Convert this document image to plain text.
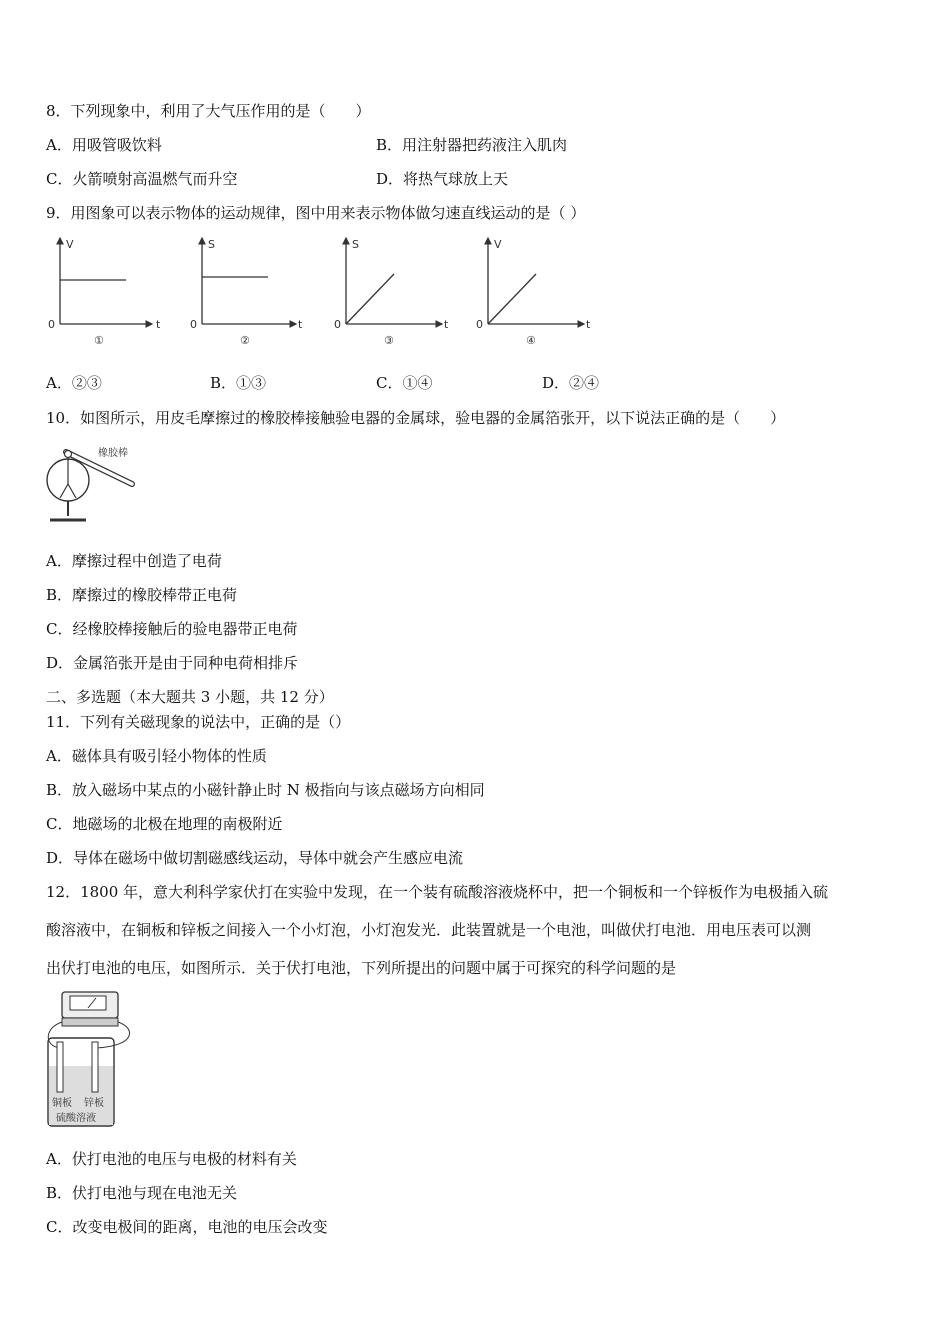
8．下列现象中，利用了大气压作用的是（　　）
A．用吸管吸饮料	B．用注射器把药液注入肌肉
C．火箭喷射高温燃气而升空	D．将热气球放上天
9．用图象可以表示物体的运动规律，图中用来表示物体做匀速直线运动的是（ ）
V
t
0
①
S
t
0
②
S
t
0
③
V
t
0
④
A．②③	B．①③	C．①④	D．②④
10．如图所示，用皮毛摩擦过的橡胶棒接触验电器的金属球，验电器的金属箔张开，以下说法正确的是（　　）
橡胶棒
A．摩擦过程中创造了电荷
B．摩擦过的橡胶棒带正电荷
C．经橡胶棒接触后的验电器带正电荷
D．金属箔张开是由于同种电荷相排斥
二、多选题（本大题共 3 小题，共 12 分）
11．下列有关磁现象的说法中，正确的是（）
A．磁体具有吸引轻小物体的性质
B．放入磁场中某点的小磁针静止时 N 极指向与该点磁场方向相同
C．地磁场的北极在地理的南极附近
D．导体在磁场中做切割磁感线运动，导体中就会产生感应电流
12．1800 年，意大利科学家伏打在实验中发现，在一个装有硫酸溶液烧杯中，把一个铜板和一个锌板作为电极插入硫
酸溶液中，在铜板和锌板之间接入一个小灯泡，小灯泡发光．此装置就是一个电池，叫做伏打电池．用电压表可以测
出伏打电池的电压，如图所示．关于伏打电池，下列所提出的问题中属于可探究的科学问题的是
铜板 锌板
硫酸溶液
A．伏打电池的电压与电极的材料有关
B．伏打电池与现在电池无关
C．改变电极间的距离，电池的电压会改变
